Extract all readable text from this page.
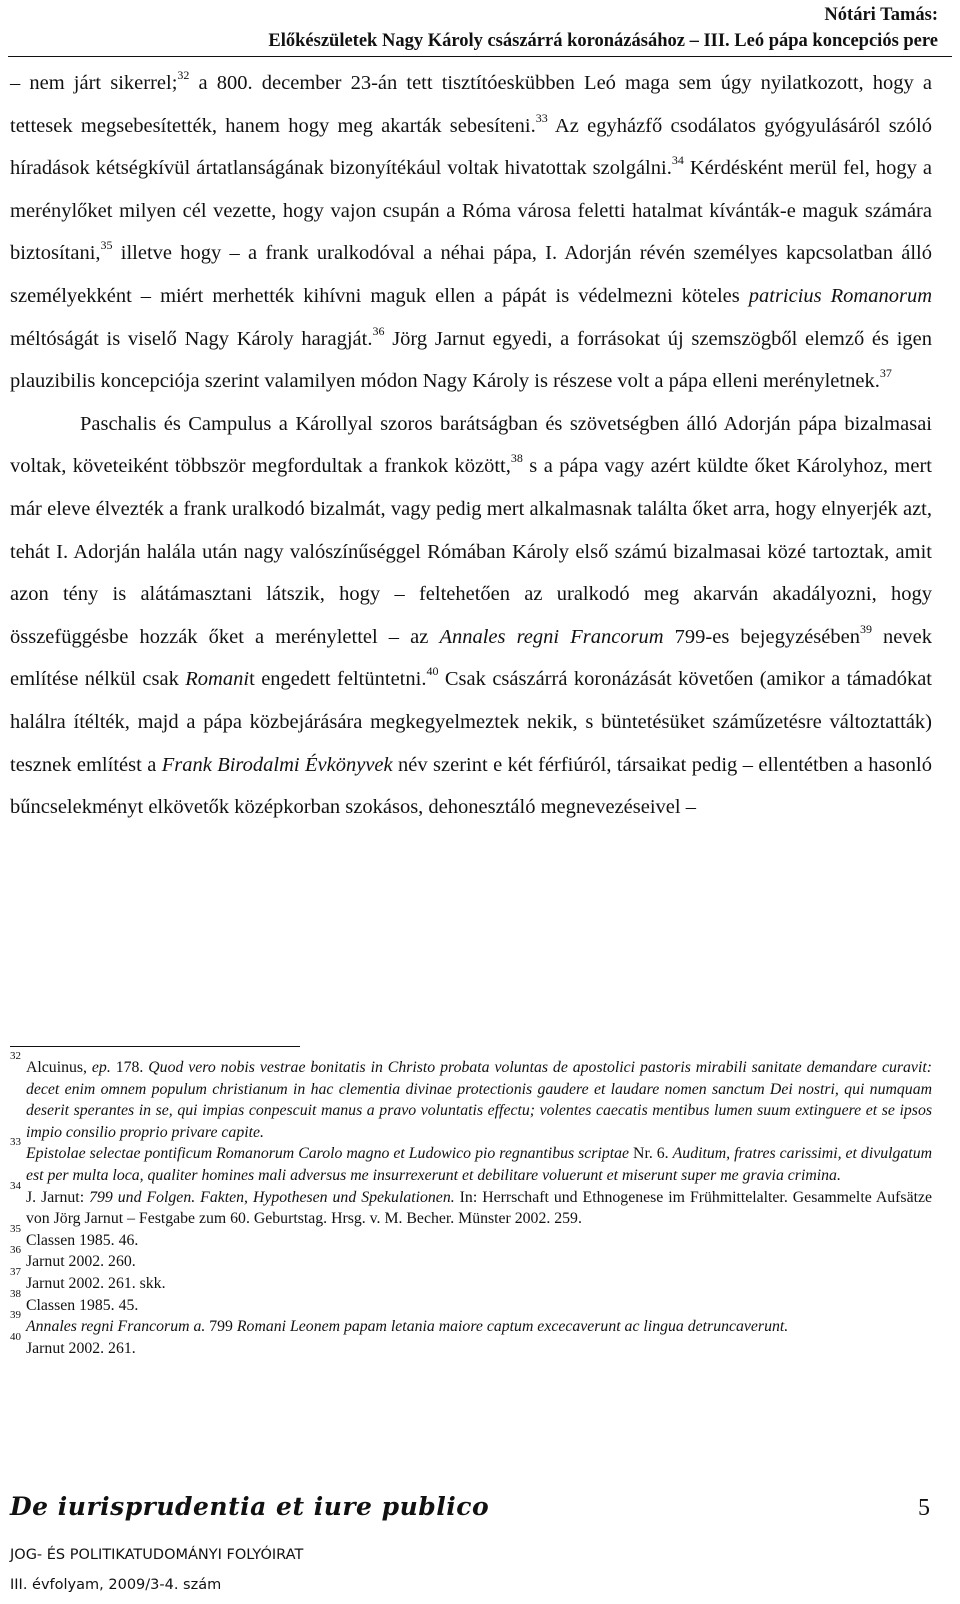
Nótári Tamás:
Előkészületek Nagy Károly császárrá koronázásához – III. Leó pápa koncepciós pere

– nem járt sikerrel;$^{32}$ a 800. december 23-án tett tisztítóeskübben Leó maga sem úgy nyilatkozott, hogy a tettesek megsebesítették, hanem hogy meg akarták sebesíteni.$^{33}$ Az egyházfő csodálatos gyógyulásáról szóló híradások kétségkívül ártatlanságának bizonyítékául voltak hivatottak szolgálni.$^{34}$ Kérdésként merül fel, hogy a merénylőket milyen cél vezette, hogy vajon csupán a Róma városa feletti hatalmat kívánták-e maguk számára biztosítani,$^{35}$ illetve hogy – a frank uralkodóval a néhai pápa, I. Adorján révén személyes kapcsolatban álló személyekként – miért merhették kihívni maguk ellen a pápát is védelmezni köteles patricius Romanorum méltóságát is viselő Nagy Károly haragját.$^{36}$ Jörg Jarnut egyedi, a forrásokat új szemszögből elemző és igen plauzibilis koncepciója szerint valamilyen módon Nagy Károly is részese volt a pápa elleni merényletnek.$^{37}$

Paschalis és Campulus a Károllyal szoros barátságban és szövetségben álló Adorján pápa bizalmasai voltak, követeiként többször megfordultak a frankok között,$^{38}$ s a pápa vagy azért küldte őket Károlyhoz, mert már eleve élvezték a frank uralkodó bizalmát, vagy pedig mert alkalmasnak találta őket arra, hogy elnyerjék azt, tehát I. Adorján halála után nagy valószínűséggel Rómában Károly első számú bizalmasai közé tartoztak, amit azon tény is alátámasztani látszik, hogy – feltehetően az uralkodó meg akarván akadályozni, hogy összefüggésbe hozzák őket a merénylettel – az Annales regni Francorum 799-es bejegyzésében$^{39}$ nevek említése nélkül csak Romanit engedett feltüntetni.$^{40}$ Csak császárrá koronázását követően (amikor a támadókat halálra ítélték, majd a pápa közbejárására megkegyelmeztek nekik, s büntetésüket száműzetésre változtatták) tesznek említést a Frank Birodalmi Évkönyvek név szerint e két férfiúról, társaikat pedig – ellentétben a hasonló bűncselekményt elkövetők középkorban szokásos, dehonesztáló megnevezéseivel –

32
Alcuinus, ep. 178. Quod vero nobis vestrae bonitatis in Christo probata voluntas de apostolici pastoris mirabili sanitate demandare curavit: decet enim omnem populum christianum in hac clementia divinae protectionis gaudere et laudare nomen sanctum Dei nostri, qui numquam deserit sperantes in se, qui impias conpescuit manus a pravo voluntatis effectu; volentes caecatis mentibus lumen suum extinguere et se ipsos impio consilio proprio privare capite.
33
Epistolae selectae pontificum Romanorum Carolo magno et Ludowico pio regnantibus scriptae Nr. 6. Auditum, fratres carissimi, et divulgatum est per multa loca, qualiter homines mali adversus me insurrexerunt et debilitare voluerunt et miserunt super me gravia crimina.
34
J. Jarnut: 799 und Folgen. Fakten, Hypothesen und Spekulationen. In: Herrschaft und Ethnogenese im Frühmittelalter. Gesammelte Aufsätze von Jörg Jarnut – Festgabe zum 60. Geburtstag. Hrsg. v. M. Becher. Münster 2002. 259.
35
Classen 1985. 46.
36
Jarnut 2002. 260.
37
Jarnut 2002. 261. skk.
38
Classen 1985. 45.
39
Annales regni Francorum a. 799 Romani Leonem papam letania maiore captum excecaverunt ac lingua detruncaverunt.
40
Jarnut 2002. 261.
De iurisprudentia et iure publico
JOG- ÉS POLITIKATUDOMÁNYI FOLYÓIRAT
III. évfolyam, 2009/3-4. szám
5
